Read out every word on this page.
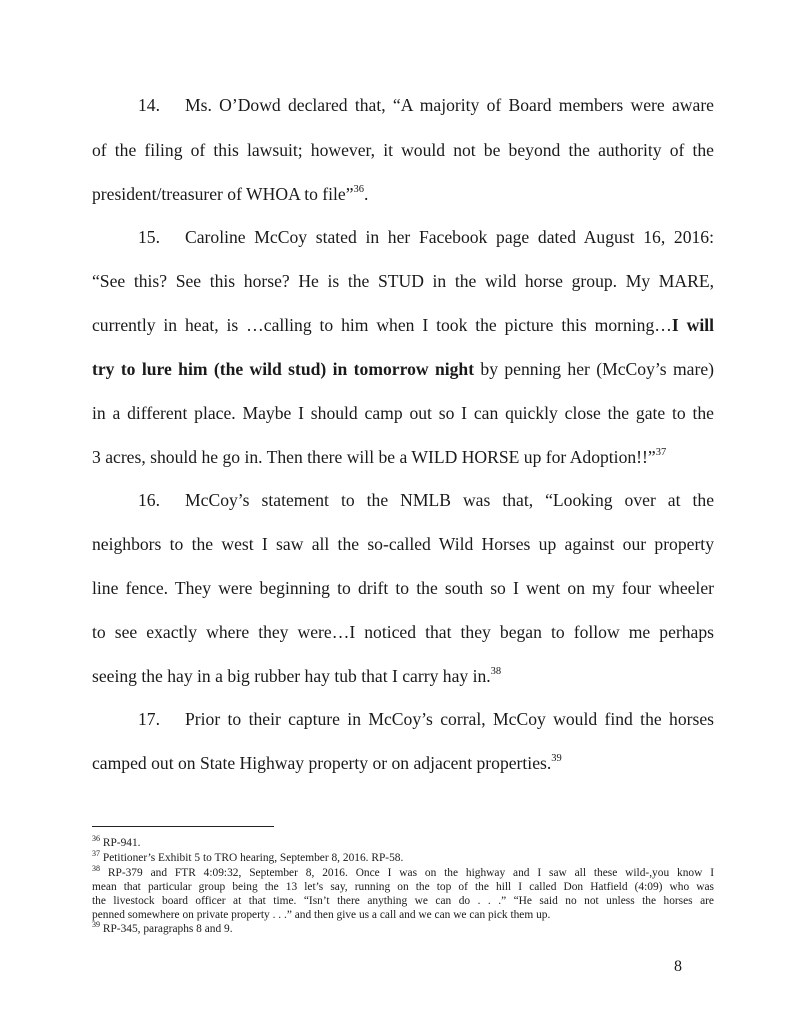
14. Ms. O’Dowd declared that, “A majority of Board members were aware
of the filing of this lawsuit; however, it would not be beyond the authority of the
president/treasurer of WHOA to file”$^{36}$.
15. Caroline McCoy stated in her Facebook page dated August 16, 2016:
“See this? See this horse? He is the STUD in the wild horse group. My MARE,
currently in heat, is …calling to him when I took the picture this morning…I will
try to lure him (the wild stud) in tomorrow night by penning her (McCoy’s mare)
in a different place. Maybe I should camp out so I can quickly close the gate to the
3 acres, should he go in. Then there will be a WILD HORSE up for Adoption!!”$^{37}$
16. McCoy’s statement to the NMLB was that, “Looking over at the
neighbors to the west I saw all the so-called Wild Horses up against our property
line fence. They were beginning to drift to the south so I went on my four wheeler
to see exactly where they were…I noticed that they began to follow me perhaps
seeing the hay in a big rubber hay tub that I carry hay in.$^{38}$
17. Prior to their capture in McCoy’s corral, McCoy would find the horses
camped out on State Highway property or on adjacent properties.$^{39}$
$^{36}$ RP-941.
$^{37}$ Petitioner’s Exhibit 5 to TRO hearing, September 8, 2016. RP-58.
$^{38}$ RP-379 and FTR 4:09:32, September 8, 2016. Once I was on the highway and I saw all these wild-,you know I
mean that particular group being the 13 let’s say, running on the top of the hill I called Don Hatfield (4:09) who was
the livestock board officer at that time. “Isn’t there anything we can do . . .” “He said no not unless the horses are
penned somewhere on private property . . .” and then give us a call and we can we can pick them up.
$^{39}$ RP-345, paragraphs 8 and 9.
8
